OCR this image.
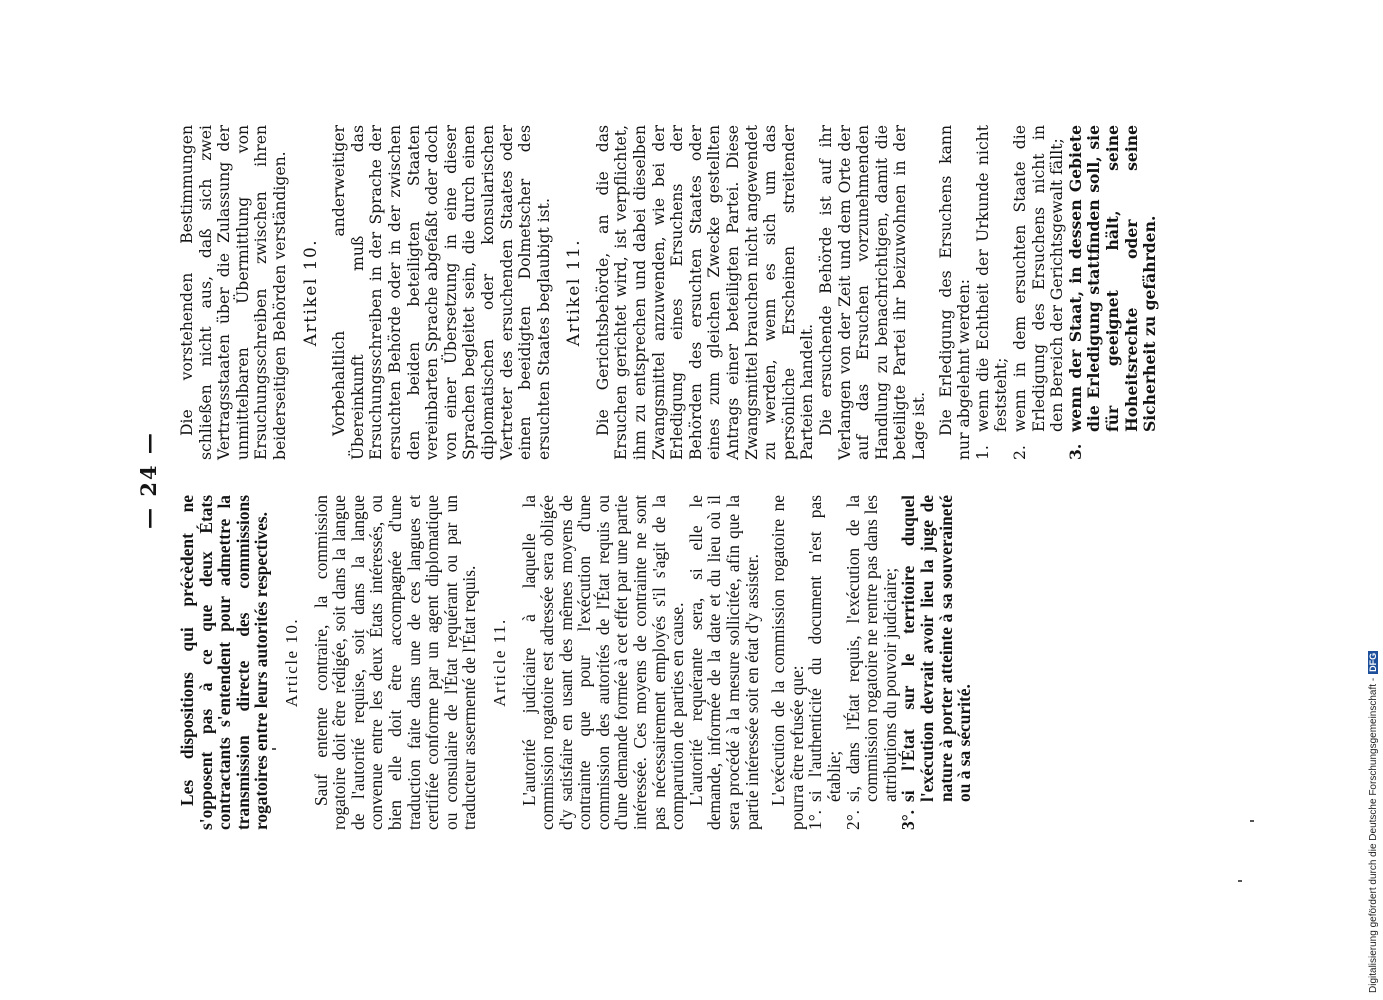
— 24 —

Les dispositions qui précèdent ne s'opposent pas à ce que deux États contractants s'entendent pour admettre la transmission directe des commissions rogatoires entre leurs autorités respectives. Article 10. Sauf entente contraire, la commission rogatoire doit être rédigée, soit dans la langue de l'autorité requise, soit dans la langue convenue entre les deux États intéressés, ou bien elle doit être accompagnée d'une traduction faite dans une de ces langues et certifiée conforme par un agent diplomatique ou consulaire de l'État requérant ou par un traducteur assermenté de l'État requis. Article 11. L'autorité judiciaire à laquelle la commission rogatoire est adressée sera obligée d'y satisfaire en usant des mêmes moyens de contrainte que pour l'exécution d'une commission des autorités de l'État requis ou d'une demande formée à cet effet par une partie intéressée. Ces moyens de contrainte ne sont pas nécessairement employés s'il s'agit de la comparution de parties en cause.

L'autorité requérante sera, si elle le demande, informée de la date et du lieu où il sera procédé à la mesure sollicitée, afin que la partie intéressée soit en état d'y assister. L'exécution de la commission rogatoire ne pourra être refusée que:

1°.
si l'authenticité du document n'est pas établie;
2°.
si, dans l'État requis, l'exécution de la commission rogatoire ne rentre pas dans les attributions du pouvoir judiciaire;
3°.
si l'État sur le territoire duquel l'exécution devrait avoir lieu la juge de nature à porter atteinte à sa souveraineté ou à sa sécurité.

Die vorstehenden Bestimmungen schließen nicht aus, daß sich zwei Vertragsstaaten über die Zulassung der unmittelbaren Übermittlung von Ersuchungsschreiben zwischen ihren beiderseitigen Behörden verständigen. Artikel 10. Vorbehaltlich anderweitiger Übereinkunft muß das Ersuchungsschreiben in der Sprache der ersuchten Behörde oder in der zwischen den beiden beteiligten Staaten vereinbarten Sprache abgefaßt oder doch von einer Übersetzung in eine dieser Sprachen begleitet sein, die durch einen diplomatischen oder konsularischen Vertreter des ersuchenden Staates oder einen beeidigten Dolmetscher des ersuchten Staates beglaubigt ist. Artikel 11. Die Gerichtsbehörde, an die das Ersuchen gerichtet wird, ist verpflichtet, ihm zu entsprechen und dabei dieselben Zwangsmittel anzuwenden, wie bei der Erledigung eines Ersuchens der Behörden des ersuchten Staates oder eines zum gleichen Zwecke gestellten Antrags einer beteiligten Partei. Diese Zwangsmittel brauchen nicht angewendet zu werden, wenn es sich um das persönliche Erscheinen streitender Parteien handelt. Die ersuchende Behörde ist auf ihr Verlangen von der Zeit und dem Orte der auf das Ersuchen vorzunehmenden Handlung zu benachrichtigen, damit die beteiligte Partei ihr beizuwohnen in der Lage ist. Die Erledigung des Ersuchens kann nur abgelehnt werden: 1.
wenn die Echtheit der Urkunde nicht feststeht;
2.
wenn in dem ersuchten Staate die Erledigung des Ersuchens nicht in den Bereich der Gerichtsgewalt fällt;
3.
wenn der Staat, in dessen Gebiete die Erledigung stattfinden soll, sie für geeignet hält, seine Hoheitsrechte oder seine Sicherheit zu gefährden.
Digitalisierung gefördert durch die Deutsche Forschungsgemeinschaft -DFG
